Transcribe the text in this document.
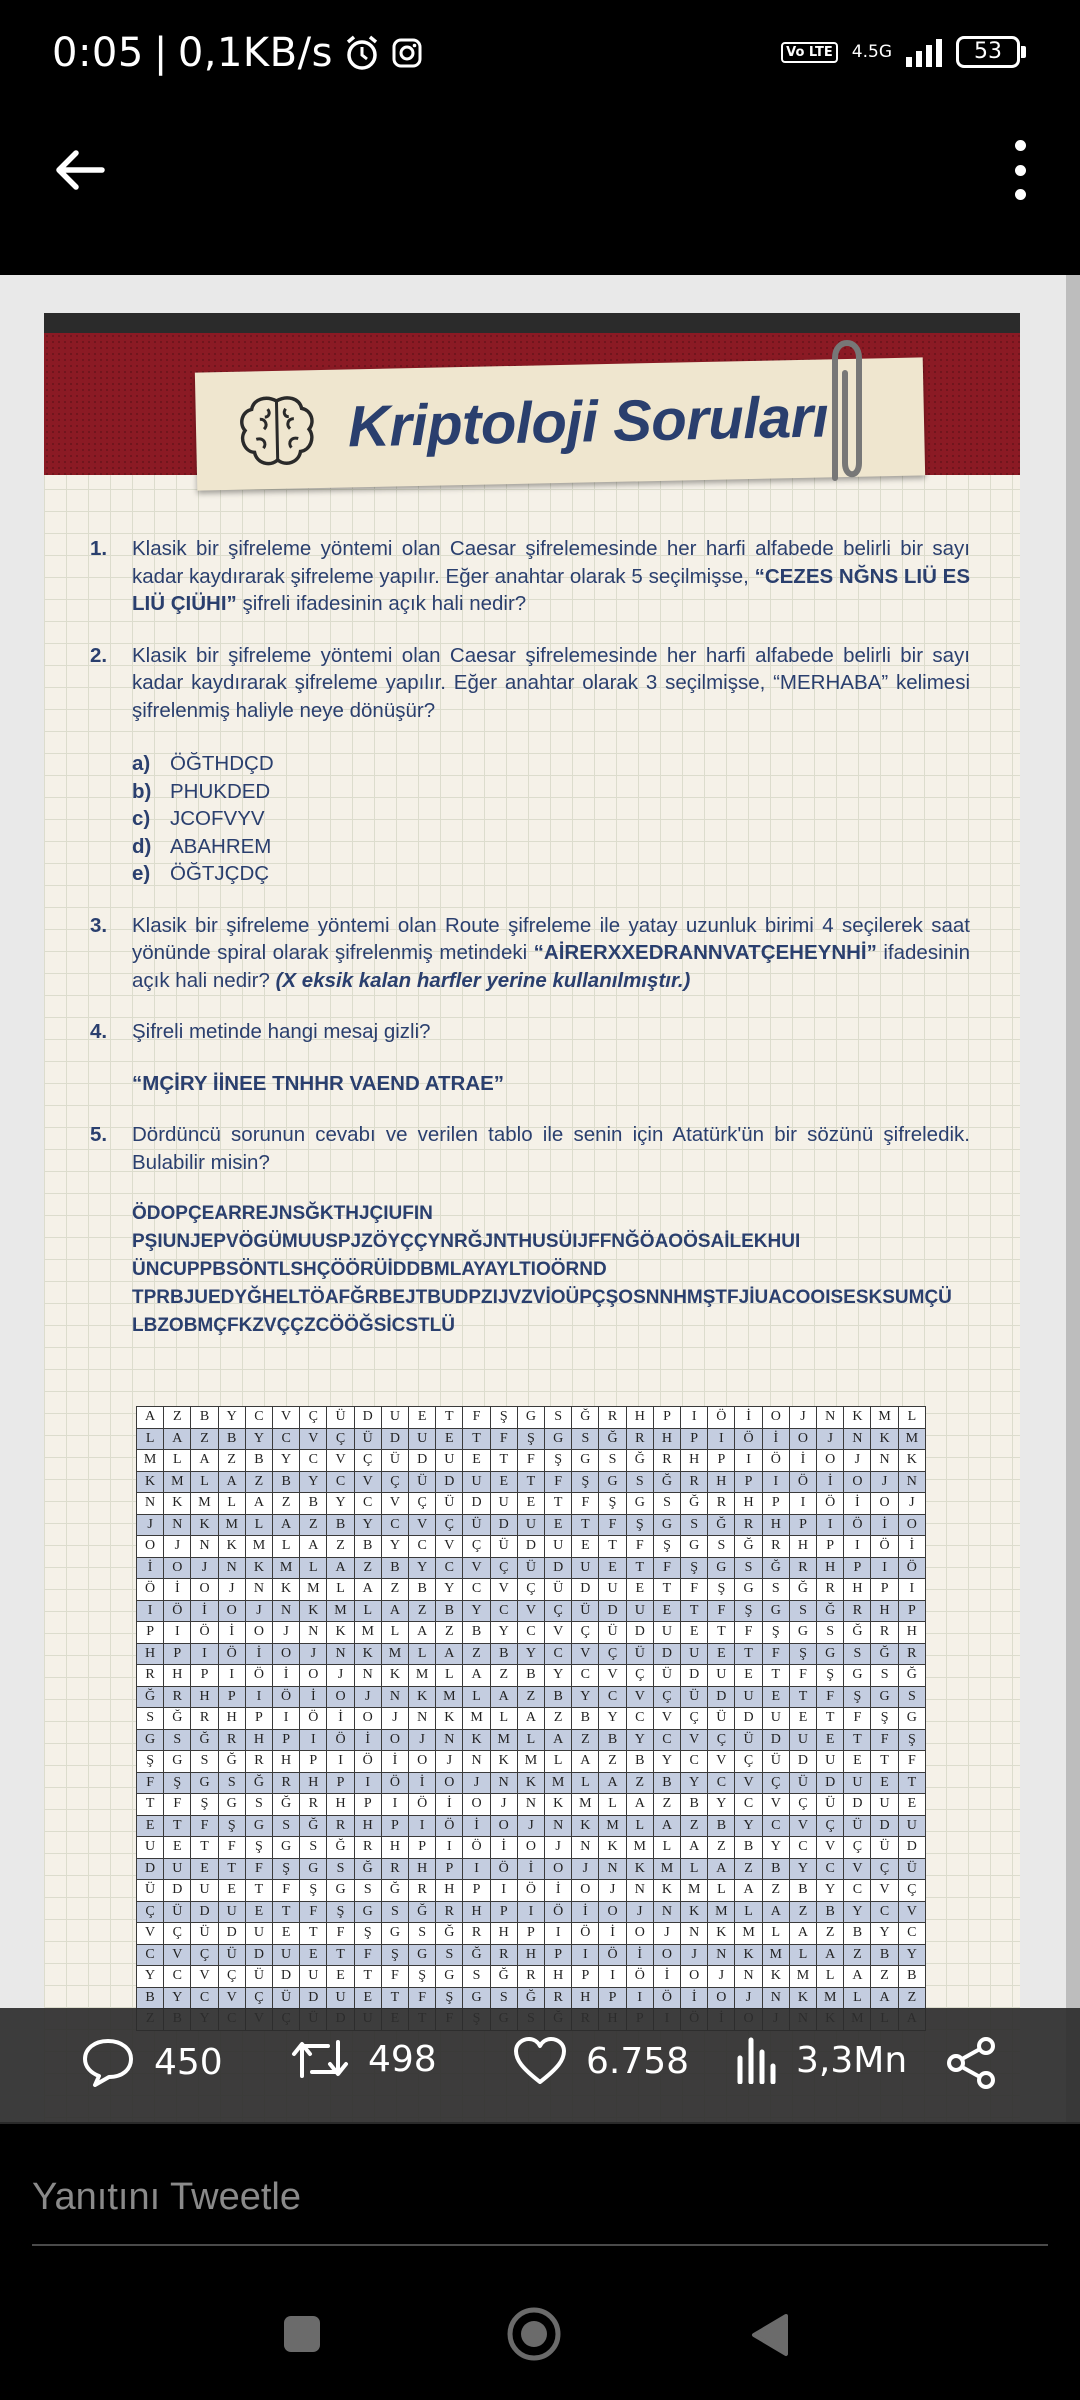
0:05 | 0,1KB/s	Vo LTE 4.5G	53
Kriptoloji Soruları
1. Klasik bir şifreleme yöntemi olan Caesar şifrelemesinde her harfi alfabede belirli bir sayı kadar kaydırarak şifreleme yapılır. Eğer anahtar olarak 5 seçilmişse, “CEZES NĞNS LIÜ ES LIÜ ÇIÜHI” şifreli ifadesinin açık hali nedir?
2. Klasik bir şifreleme yöntemi olan Caesar şifrelemesinde her harfi alfabede belirli bir sayı kadar kaydırarak şifreleme yapılır. Eğer anahtar olarak 3 seçilmişse, “MERHABA” kelimesi şifrelenmiş haliyle neye dönüşür?
a) ÖĞTHDÇD
b) PHUKDED
c) JCOFVYV
d) ABAHREM
e) ÖĞTJÇDÇ
3. Klasik bir şifreleme yöntemi olan Route şifreleme ile yatay uzunluk birimi 4 seçilerek saat yönünde spiral olarak şifrelenmiş metindeki “AİRERXXEDRANNVATÇEHEYNHİ” ifadesinin açık hali nedir? (X eksik kalan harfler yerine kullanılmıştır.)
4. Şifreli metinde hangi mesaj gizli?
“MÇİRY İİNEE TNHHR VAEND ATRAE”
5. Dördüncü sorunun cevabı ve verilen tablo ile senin için Atatürk'ün bir sözünü şifreledik. Bulabilir misin?
ÖDOPÇEARREJNSĞKTHJÇIUFIN
PŞIUNJEPVÖGÜMUUSPJZÖYÇÇYNRĞJNTHUSÜIJFFNĞÖAOÖSAİLEKHUI
ÜNCUPPBSÖNTLSHÇÖÖRÜİDDBMLAYAYLTIOÖRND
TPRBJUEDYĞHELTÖAFĞRBEJTBUDPZIJVZVİOÜPÇŞOSNNHMŞTFJİUACOOISESKSUMÇÜ
LBZOBMÇFKZVÇÇZCÖÖĞSİCSTLÜ
A	Z	B	Y	C	V	Ç	Ü	D	U	E	T	F	Ş	G	S	Ğ	R	H	P	I	Ö	İ	O	J	N	K	M	L
L	A	Z	B	Y	C	V	Ç	Ü	D	U	E	T	F	Ş	G	S	Ğ	R	H	P	I	Ö	İ	O	J	N	K	M
M	L	A	Z	B	Y	C	V	Ç	Ü	D	U	E	T	F	Ş	G	S	Ğ	R	H	P	I	Ö	İ	O	J	N	K
K	M	L	A	Z	B	Y	C	V	Ç	Ü	D	U	E	T	F	Ş	G	S	Ğ	R	H	P	I	Ö	İ	O	J	N
N	K	M	L	A	Z	B	Y	C	V	Ç	Ü	D	U	E	T	F	Ş	G	S	Ğ	R	H	P	I	Ö	İ	O	J
J	N	K	M	L	A	Z	B	Y	C	V	Ç	Ü	D	U	E	T	F	Ş	G	S	Ğ	R	H	P	I	Ö	İ	O
O	J	N	K	M	L	A	Z	B	Y	C	V	Ç	Ü	D	U	E	T	F	Ş	G	S	Ğ	R	H	P	I	Ö	İ
İ	O	J	N	K	M	L	A	Z	B	Y	C	V	Ç	Ü	D	U	E	T	F	Ş	G	S	Ğ	R	H	P	I	Ö
Ö	İ	O	J	N	K	M	L	A	Z	B	Y	C	V	Ç	Ü	D	U	E	T	F	Ş	G	S	Ğ	R	H	P	I
I	Ö	İ	O	J	N	K	M	L	A	Z	B	Y	C	V	Ç	Ü	D	U	E	T	F	Ş	G	S	Ğ	R	H	P
P	I	Ö	İ	O	J	N	K	M	L	A	Z	B	Y	C	V	Ç	Ü	D	U	E	T	F	Ş	G	S	Ğ	R	H
H	P	I	Ö	İ	O	J	N	K	M	L	A	Z	B	Y	C	V	Ç	Ü	D	U	E	T	F	Ş	G	S	Ğ	R
R	H	P	I	Ö	İ	O	J	N	K	M	L	A	Z	B	Y	C	V	Ç	Ü	D	U	E	T	F	Ş	G	S	Ğ
Ğ	R	H	P	I	Ö	İ	O	J	N	K	M	L	A	Z	B	Y	C	V	Ç	Ü	D	U	E	T	F	Ş	G	S
S	Ğ	R	H	P	I	Ö	İ	O	J	N	K	M	L	A	Z	B	Y	C	V	Ç	Ü	D	U	E	T	F	Ş	G
G	S	Ğ	R	H	P	I	Ö	İ	O	J	N	K	M	L	A	Z	B	Y	C	V	Ç	Ü	D	U	E	T	F	Ş
Ş	G	S	Ğ	R	H	P	I	Ö	İ	O	J	N	K	M	L	A	Z	B	Y	C	V	Ç	Ü	D	U	E	T	F
F	Ş	G	S	Ğ	R	H	P	I	Ö	İ	O	J	N	K	M	L	A	Z	B	Y	C	V	Ç	Ü	D	U	E	T
T	F	Ş	G	S	Ğ	R	H	P	I	Ö	İ	O	J	N	K	M	L	A	Z	B	Y	C	V	Ç	Ü	D	U	E
E	T	F	Ş	G	S	Ğ	R	H	P	I	Ö	İ	O	J	N	K	M	L	A	Z	B	Y	C	V	Ç	Ü	D	U
U	E	T	F	Ş	G	S	Ğ	R	H	P	I	Ö	İ	O	J	N	K	M	L	A	Z	B	Y	C	V	Ç	Ü	D
D	U	E	T	F	Ş	G	S	Ğ	R	H	P	I	Ö	İ	O	J	N	K	M	L	A	Z	B	Y	C	V	Ç	Ü
Ü	D	U	E	T	F	Ş	G	S	Ğ	R	H	P	I	Ö	İ	O	J	N	K	M	L	A	Z	B	Y	C	V	Ç
Ç	Ü	D	U	E	T	F	Ş	G	S	Ğ	R	H	P	I	Ö	İ	O	J	N	K	M	L	A	Z	B	Y	C	V
V	Ç	Ü	D	U	E	T	F	Ş	G	S	Ğ	R	H	P	I	Ö	İ	O	J	N	K	M	L	A	Z	B	Y	C
C	V	Ç	Ü	D	U	E	T	F	Ş	G	S	Ğ	R	H	P	I	Ö	İ	O	J	N	K	M	L	A	Z	B	Y
Y	C	V	Ç	Ü	D	U	E	T	F	Ş	G	S	Ğ	R	H	P	I	Ö	İ	O	J	N	K	M	L	A	Z	B
B	Y	C	V	Ç	Ü	D	U	E	T	F	Ş	G	S	Ğ	R	H	P	I	Ö	İ	O	J	N	K	M	L	A	Z

450	498	6.758	3,3Mn
Yanıtını Tweetle
